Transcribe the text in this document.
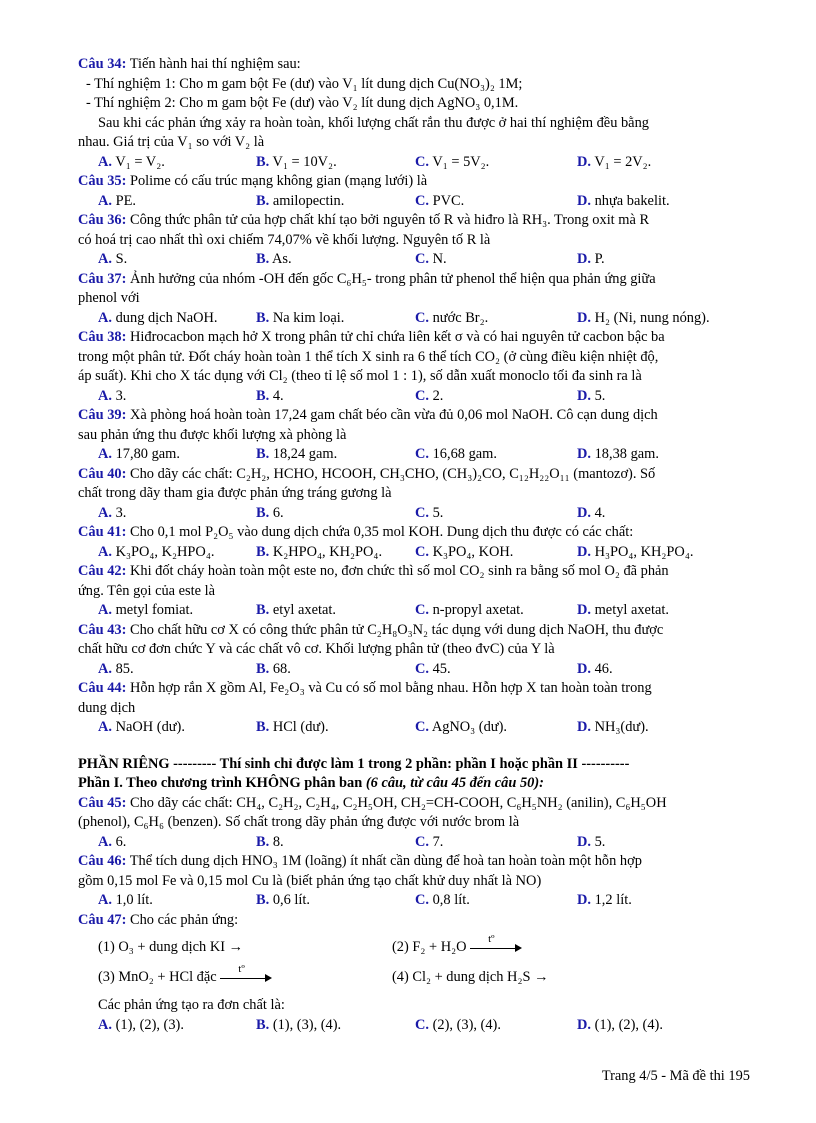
Câu 34: Tiến hành hai thí nghiệm sau:
- Thí nghiệm 1: Cho m gam bột Fe (dư) vào V₁ lít dung dịch Cu(NO₃)₂ 1M;
- Thí nghiệm 2: Cho m gam bột Fe (dư) vào V₂ lít dung dịch AgNO₃ 0,1M.
Sau khi các phản ứng xảy ra hoàn toàn, khối lượng chất rắn thu được ở hai thí nghiệm đều bằng
nhau. Giá trị của V₁ so với V₂ là
A. V₁ = V₂.	B. V₁ = 10V₂.	C. V₁ = 5V₂.	D. V₁ = 2V₂.
Câu 35: Polime có cấu trúc mạng không gian (mạng lưới) là
A. PE.	B. amilopectin.	C. PVC.	D. nhựa bakelit.
Câu 36: Công thức phân tử của hợp chất khí tạo bởi nguyên tố R và hiđro là RH₃. Trong oxit mà R
có hoá trị cao nhất thì oxi chiếm 74,07% về khối lượng. Nguyên tố R là
A. S.	B. As.	C. N.	D. P.
Câu 37: Ảnh hưởng của nhóm -OH đến gốc C₆H₅- trong phân tử phenol thể hiện qua phản ứng giữa
phenol với
A. dung dịch NaOH.	B. Na kim loại.	C. nước Br₂.	D. H₂ (Ni, nung nóng).
Câu 38: Hiđrocacbon mạch hở X trong phân tử chỉ chứa liên kết σ và có hai nguyên tử cacbon bậc ba
trong một phân tử. Đốt cháy hoàn toàn 1 thể tích X sinh ra 6 thể tích CO₂ (ở cùng điều kiện nhiệt độ,
áp suất). Khi cho X tác dụng với Cl₂ (theo tỉ lệ số mol 1 : 1), số dẫn xuất monoclo tối đa sinh ra là
A. 3.	B. 4.	C. 2.	D. 5.
Câu 39: Xà phòng hoá hoàn toàn 17,24 gam chất béo cần vừa đủ 0,06 mol NaOH. Cô cạn dung dịch
sau phản ứng thu được khối lượng xà phòng là
A. 17,80 gam.	B. 18,24 gam.	C. 16,68 gam.	D. 18,38 gam.
Câu 40: Cho dãy các chất: C₂H₂, HCHO, HCOOH, CH₃CHO, (CH₃)₂CO, C₁₂H₂₂O₁₁ (mantozơ). Số
chất trong dãy tham gia được phản ứng tráng gương là
A. 3.	B. 6.	C. 5.	D. 4.
Câu 41: Cho 0,1 mol P₂O₅ vào dung dịch chứa 0,35 mol KOH. Dung dịch thu được có các chất:
A. K₃PO₄, K₂HPO₄.	B. K₂HPO₄, KH₂PO₄. C. K₃PO₄, KOH.	D. H₃PO₄, KH₂PO₄.
Câu 42: Khi đốt cháy hoàn toàn một este no, đơn chức thì số mol CO₂ sinh ra bằng số mol O₂ đã phản
ứng. Tên gọi của este là
A. metyl fomiat.	B. etyl axetat.	C. n-propyl axetat.	D. metyl axetat.
Câu 43: Cho chất hữu cơ X có công thức phân tử C₂H₈O₃N₂ tác dụng với dung dịch NaOH, thu được
chất hữu cơ đơn chức Y và các chất vô cơ. Khối lượng phân tử (theo đvC) của Y là
A. 85.	B. 68.	C. 45.	D. 46.
Câu 44: Hỗn hợp rắn X gồm Al, Fe₂O₃ và Cu có số mol bằng nhau. Hỗn hợp X tan hoàn toàn trong
dung dịch
A. NaOH (dư).	B. HCl (dư).	C. AgNO₃ (dư).	D. NH₃(dư).
PHẦN RIÊNG --------- Thí sinh chỉ được làm 1 trong 2 phần: phần I hoặc phần II ----------
Phần I. Theo chương trình KHÔNG phân ban (6 câu, từ câu 45 đến câu 50):
Câu 45: Cho dãy các chất: CH₄, C₂H₂, C₂H₄, C₂H₅OH, CH₂=CH-COOH, C₆H₅NH₂ (anilin), C₆H₅OH
(phenol), C₆H₆ (benzen). Số chất trong dãy phản ứng được với nước brom là
A. 6.	B. 8.	C. 7.	D. 5.
Câu 46: Thể tích dung dịch HNO₃ 1M (loãng) ít nhất cần dùng để hoà tan hoàn toàn một hỗn hợp
gồm 0,15 mol Fe và 0,15 mol Cu là (biết phản ứng tạo chất khử duy nhất là NO)
A. 1,0 lít.	B. 0,6 lít.	C. 0,8 lít.	D. 1,2 lít.
Câu 47: Cho các phản ứng:
(1) O₃ + dung dịch KI →	(2) F₂ + H₂O
tº
(3) MnO₂ + HCl đặc
tº
(4) Cl₂ + dung dịch H₂S →
Các phản ứng tạo ra đơn chất là:
A. (1), (2), (3).	B. (1), (3), (4).	C. (2), (3), (4).	D. (1), (2), (4).
Trang 4/5 - Mã đề thi 195
